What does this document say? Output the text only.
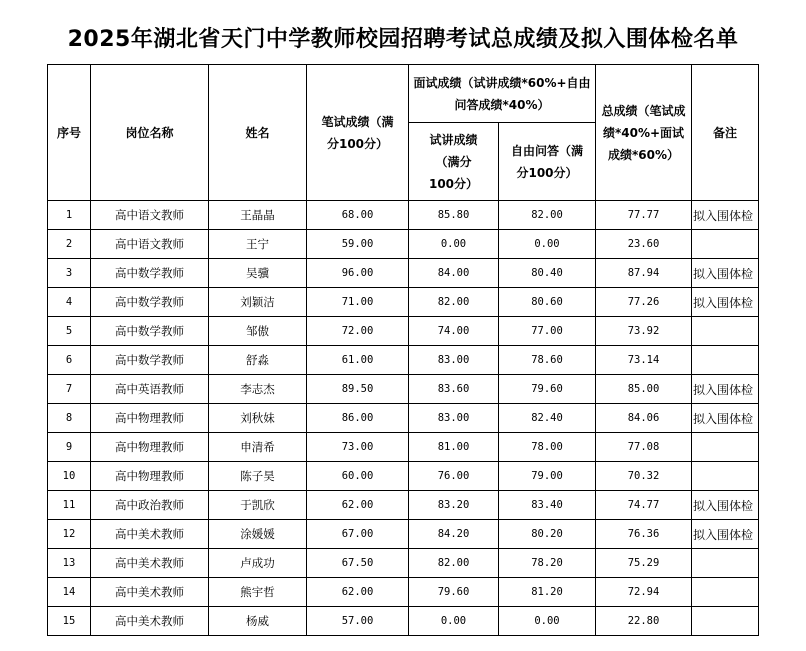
2025年湖北省天门中学教师校园招聘考试总成绩及拟入围体检名单
序号	岗位名称	姓名	笔试成绩（满分100分）	面试成绩（试讲成绩*60%+自由问答成绩*40%）		总成绩（笔试成绩*40%+面试成绩*60%）	备注
				试讲成绩（满分100分）	自由问答（满分100分）		
1	高中语文教师	王晶晶	68.00	85.80	82.00	77.77	拟入围体检
2	高中语文教师	王宁	59.00	0.00	0.00	23.60	
3	高中数学教师	吴骥	96.00	84.00	80.40	87.94	拟入围体检
4	高中数学教师	刘颖洁	71.00	82.00	80.60	77.26	拟入围体检
5	高中数学教师	邹傲	72.00	74.00	77.00	73.92	
6	高中数学教师	舒淼	61.00	83.00	78.60	73.14	
7	高中英语教师	李志杰	89.50	83.60	79.60	85.00	拟入围体检
8	高中物理教师	刘秋妹	86.00	83.00	82.40	84.06	拟入围体检
9	高中物理教师	申清希	73.00	81.00	78.00	77.08	
10	高中物理教师	陈子昊	60.00	76.00	79.00	70.32	
11	高中政治教师	于凯欣	62.00	83.20	83.40	74.77	拟入围体检
12	高中美术教师	涂媛媛	67.00	84.20	80.20	76.36	拟入围体检
13	高中美术教师	卢成功	67.50	82.00	78.20	75.29	
14	高中美术教师	熊宇哲	62.00	79.60	81.20	72.94	
15	高中美术教师	杨威	57.00	0.00	0.00	22.80	
